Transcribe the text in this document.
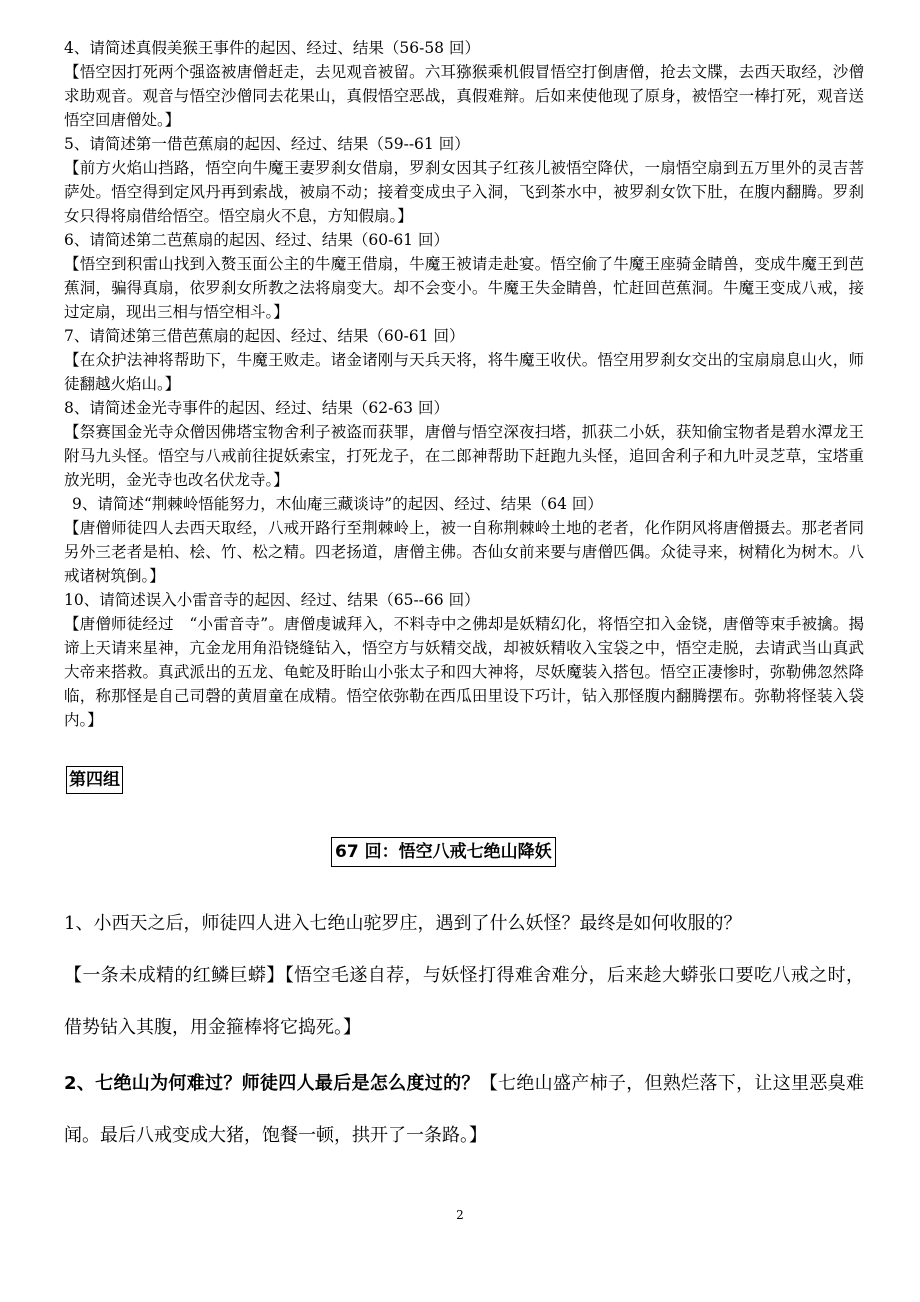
4、请简述真假美猴王事件的起因、经过、结果（56-58 回）

【悟空因打死两个强盗被唐僧赶走，去见观音被留。六耳猕猴乘机假冒悟空打倒唐僧，抢去文牒，去西天取经，沙僧求助观音。观音与悟空沙僧同去花果山，真假悟空恶战，真假难辩。后如来使他现了原身，被悟空一棒打死，观音送悟空回唐僧处。】

5、请简述第一借芭蕉扇的起因、经过、结果（59--61 回）

【前方火焰山挡路，悟空向牛魔王妻罗刹女借扇，罗刹女因其子红孩儿被悟空降伏，一扇悟空扇到五万里外的灵吉菩萨处。悟空得到定风丹再到索战，被扇不动；接着变成虫子入洞，飞到茶水中，被罗刹女饮下肚，在腹内翻腾。罗刹女只得将扇借给悟空。悟空扇火不息，方知假扇。】

6、请简述第二芭蕉扇的起因、经过、结果（60-61 回）

【悟空到积雷山找到入赘玉面公主的牛魔王借扇，牛魔王被请走赴宴。悟空偷了牛魔王座骑金睛兽，变成牛魔王到芭蕉洞，骗得真扇，依罗刹女所教之法将扇变大。却不会变小。牛魔王失金睛兽，忙赶回芭蕉洞。牛魔王变成八戒，接过定扇，现出三相与悟空相斗。】

7、请简述第三借芭蕉扇的起因、经过、结果（60-61 回）

【在众护法神将帮助下，牛魔王败走。诸金诸刚与天兵天将，将牛魔王收伏。悟空用罗刹女交出的宝扇扇息山火，师徒翻越火焰山。】

8、请简述金光寺事件的起因、经过、结果（62-63 回）

【祭赛国金光寺众僧因佛塔宝物舍利子被盗而获罪，唐僧与悟空深夜扫塔，抓获二小妖，获知偷宝物者是碧水潭龙王附马九头怪。悟空与八戒前往捉妖索宝，打死龙子，在二郎神帮助下赶跑九头怪，追回舍利子和九叶灵芝草，宝塔重放光明，金光寺也改名伏龙寺。】

9、请简述“荆棘岭悟能努力，木仙庵三藏谈诗”的起因、经过、结果（64 回）

【唐僧师徒四人去西天取经，八戒开路行至荆棘岭上，被一自称荆棘岭土地的老者，化作阴风将唐僧摄去。那老者同另外三老者是柏、桧、竹、松之精。四老扬道，唐僧主佛。杏仙女前来要与唐僧匹偶。众徒寻来，树精化为树木。八戒诸树筑倒。】

10、请简述误入小雷音寺的起因、经过、结果（65--66 回）

【唐僧师徒经过　“小雷音寺”。唐僧虔诚拜入，不料寺中之佛却是妖精幻化，将悟空扣入金铙，唐僧等束手被擒。揭谛上天请来星神，亢金龙用角沿铙缝钻入，悟空方与妖精交战，却被妖精收入宝袋之中，悟空走脱，去请武当山真武大帝来搭救。真武派出的五龙、龟蛇及盱眙山小张太子和四大神将，尽妖魔装入搭包。悟空正凄惨时，弥勒佛忽然降临，称那怪是自己司磬的黄眉童在成精。悟空依弥勒在西瓜田里设下巧计，钻入那怪腹内翻腾摆布。弥勒将怪装入袋内。】

第四组
67 回：悟空八戒七绝山降妖

1、小西天之后，师徒四人进入七绝山驼罗庄，遇到了什么妖怪？最终是如何收服的？
【一条未成精的红鳞巨蟒】【悟空毛遂自荐，与妖怪打得难舍难分，后来趁大蟒张口要吃八戒之时，借势钻入其腹，用金箍棒将它捣死。】

2、七绝山为何难过？师徒四人最后是怎么度过的？【七绝山盛产柿子，但熟烂落下，让这里恶臭难闻。最后八戒变成大猪，饱餐一顿，拱开了一条路。】

2
